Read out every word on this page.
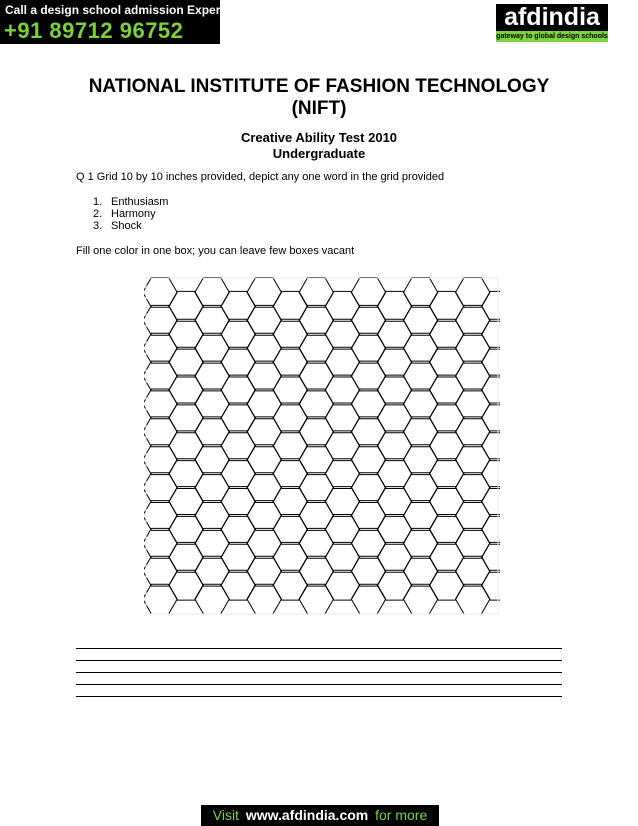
Call a design school admission Expert on
+91 89712 96752	afdindia
gateway to global design schools
NATIONAL INSTITUTE OF FASHION TECHNOLOGY
(NIFT)
Creative Ability Test 2010
Undergraduate
Q 1 Grid 10 by 10 inches provided, depict any one word in the grid provided
1. Enthusiasm
2. Harmony
3. Shock
Fill one color in one box; you can leave few boxes vacant
Visit www.afdindia.com for more
